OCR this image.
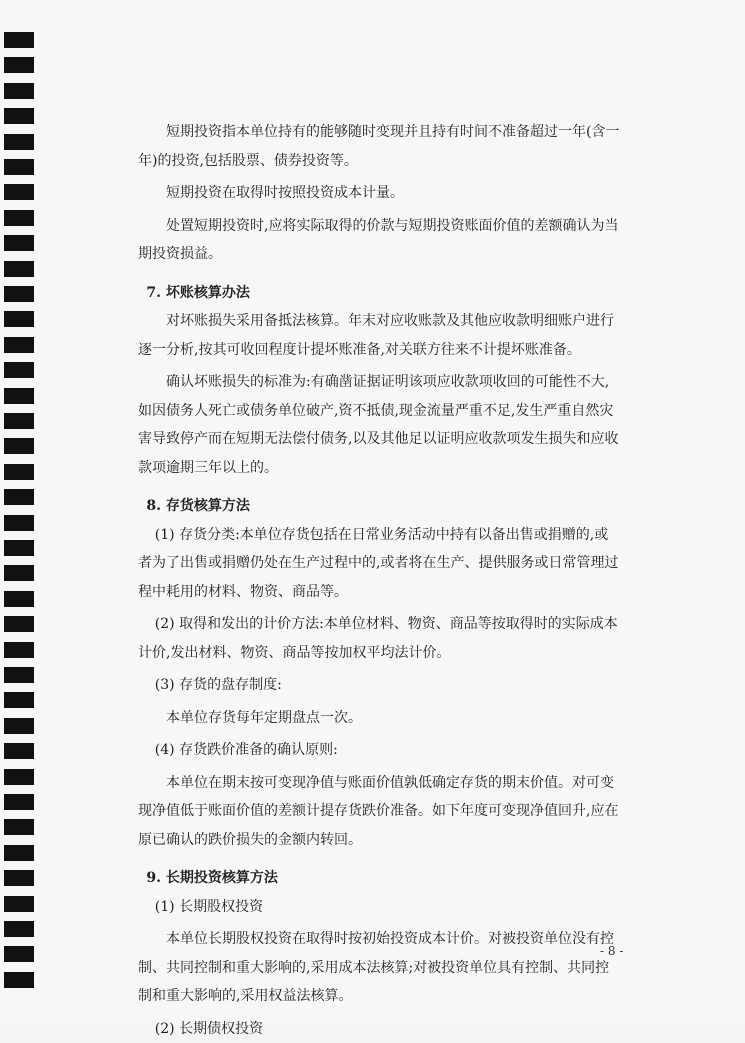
短期投资指本单位持有的能够随时变现并且持有时间不准备超过一年(含一年)的投资,包括股票、债券投资等。

短期投资在取得时按照投资成本计量。

处置短期投资时,应将实际取得的价款与短期投资账面价值的差额确认为当期投资损益。

7. 坏账核算办法

对坏账损失采用备抵法核算。年末对应收账款及其他应收款明细账户进行逐一分析,按其可收回程度计提坏账准备,对关联方往来不计提坏账准备。

确认坏账损失的标准为:有确凿证据证明该项应收款项收回的可能性不大,如因债务人死亡或债务单位破产,资不抵债,现金流量严重不足,发生严重自然灾害导致停产而在短期无法偿付债务,以及其他足以证明应收款项发生损失和应收款项逾期三年以上的。

8. 存货核算方法

(1) 存货分类:本单位存货包括在日常业务活动中持有以备出售或捐赠的,或者为了出售或捐赠仍处在生产过程中的,或者将在生产、提供服务或日常管理过程中耗用的材料、物资、商品等。

(2) 取得和发出的计价方法:本单位材料、物资、商品等按取得时的实际成本计价,发出材料、物资、商品等按加权平均法计价。

(3) 存货的盘存制度:

本单位存货每年定期盘点一次。

(4) 存货跌价准备的确认原则:

本单位在期末按可变现净值与账面价值孰低确定存货的期末价值。对可变现净值低于账面价值的差额计提存货跌价准备。如下年度可变现净值回升,应在原已确认的跌价损失的金额内转回。

9. 长期投资核算方法

(1) 长期股权投资

本单位长期股权投资在取得时按初始投资成本计价。对被投资单位没有控制、共同控制和重大影响的,采用成本法核算;对被投资单位具有控制、共同控制和重大影响的,采用权益法核算。

(2) 长期债权投资

- 8 -
